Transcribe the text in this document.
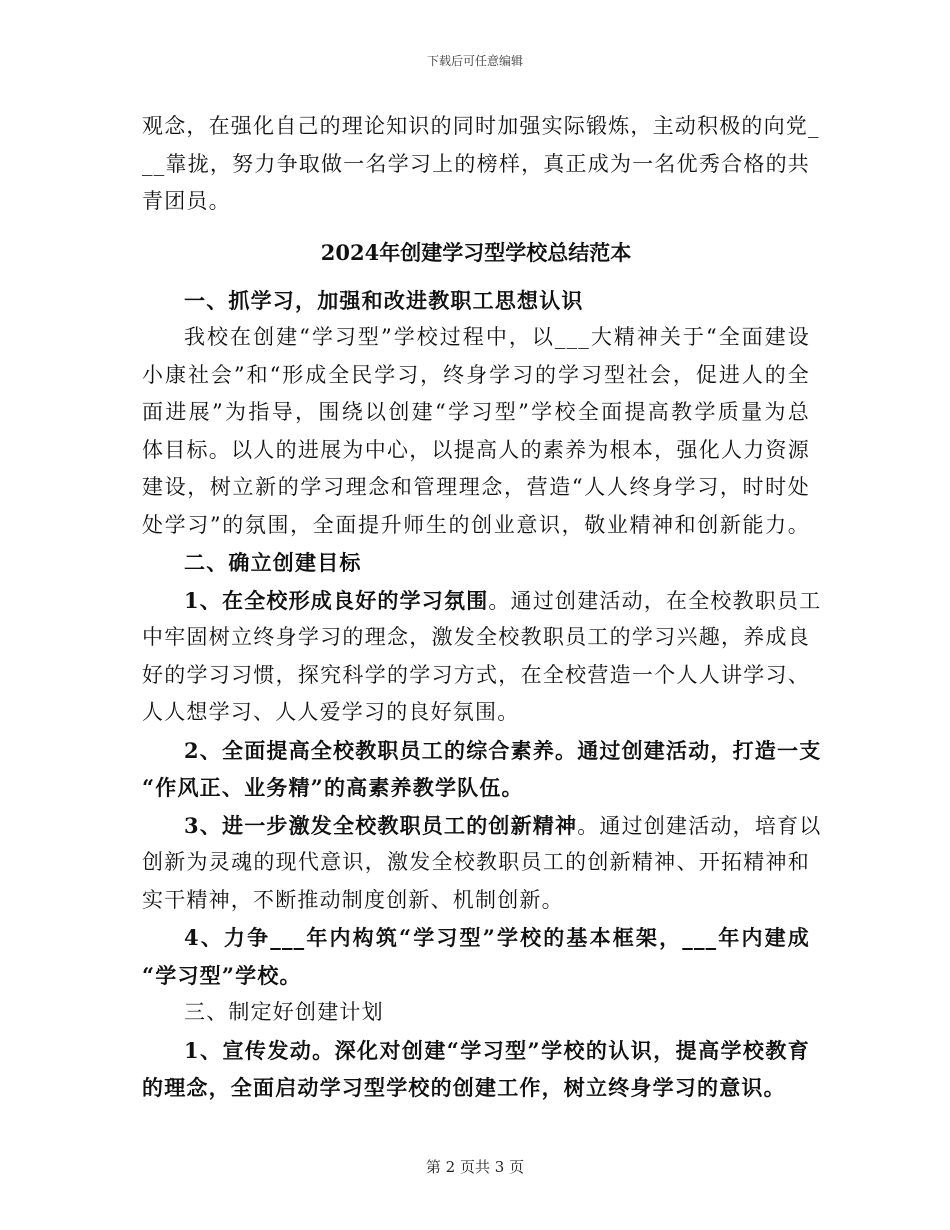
下载后可任意编辑
观念，在强化自己的理论知识的同时加强实际锻炼，主动积极的向党_
__靠拢，努力争取做一名学习上的榜样，真正成为一名优秀合格的共
青团员。
2024年创建学习型学校总结范本
一、抓学习，加强和改进教职工思想认识
我校在创建“学习型”学校过程中，以___大精神关于“全面建设
小康社会”和“形成全民学习，终身学习的学习型社会，促进人的全
面进展”为指导，围绕以创建“学习型”学校全面提高教学质量为总
体目标。以人的进展为中心，以提高人的素养为根本，强化人力资源
建设，树立新的学习理念和管理理念，营造“人人终身学习，时时处
处学习”的氛围，全面提升师生的创业意识，敬业精神和创新能力。
二、确立创建目标
1、在全校形成良好的学习氛围。通过创建活动，在全校教职员工
中牢固树立终身学习的理念，激发全校教职员工的学习兴趣，养成良
好的学习习惯，探究科学的学习方式，在全校营造一个人人讲学习、
人人想学习、人人爱学习的良好氛围。
2、全面提高全校教职员工的综合素养。通过创建活动，打造一支
“作风正、业务精”的高素养教学队伍。
3、进一步激发全校教职员工的创新精神。通过创建活动，培育以
创新为灵魂的现代意识，激发全校教职员工的创新精神、开拓精神和
实干精神，不断推动制度创新、机制创新。
4、力争___年内构筑“学习型”学校的基本框架，___年内建成
“学习型”学校。
三、制定好创建计划
1、宣传发动。深化对创建“学习型”学校的认识，提高学校教育
的理念，全面启动学习型学校的创建工作，树立终身学习的意识。
第 2 页共 3 页
